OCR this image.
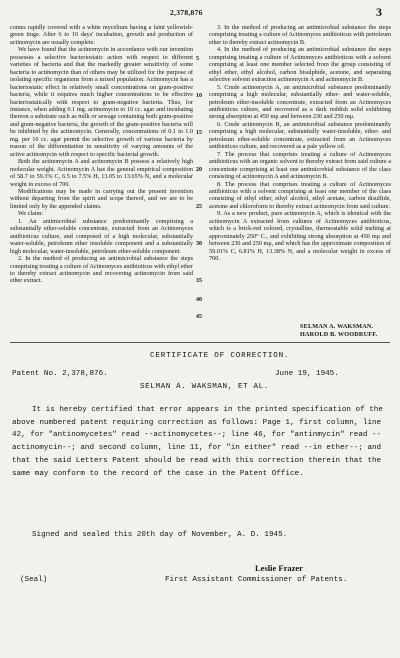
2,378,876	3

comes rapidly covered with a white mycelium having a faint yellowish-green tinge. After 6 to 10 days' incubation, growth and production of actinomycin are usually complete.

We have found that the actinomycin in accordance with our invention possesses a selective bacteriostatic action with respect to different varieties of bacteria and that the markedly greater sensitivity of some bacteria to actinomycin than of others may be utilized for the purpose of isolating specific organisms from a mixed population. Actinomycin has a bacteriostatic effect in relatively small concentrations on gram-positive bacteria, while it requires much higher concentrations to be effective bacteriostatically with respect to gram-negative bacteria. Thus, for instance, when adding 0.1 mg. actinomycin to 10 cc. agar and incubating thereon a substrate such as milk or sewage containing both gram-positive and gram-negative bacteria, the growth of the gram-positive bacteria will be inhibited by the actinomycin. Generally, concentrations of 0.1 to 1.0 mg. per 10 cc. agar permit the selective growth of various bacteria by reason of the differentiation in sensitivity of varying amounts of the active actinomycin with respect to specific bacterial growth.

Both the actinomycin A and actinomycin B possess a relatively high molecular weight. Actinomycin A has the general empirical composition of 58.7 to 59.3% C, 6.5 to 7.5% H, 13.05 to 13.65% N, and a molecular weight in excess of 700.

Modifications may be made in carrying out the present invention without departing from the spirit and scope thereof, and we are to be limited only by the appended claims.

We claim:

1. An antimicrobial substance predominantly comprising a substantially ether-soluble concentrate, extracted from an Actinomyces antibioticus culture, and composed of a high molecular, substantially water-soluble, petroleum ether insoluble component and a substantially high molecular, water-insoluble, petroleum ether-soluble component.

2. In the method of producing an antimicrobial substance the steps comprising treating a culture of Actinomyces antibioticus with ethyl ether to thereby extract actinomycin and recovering actinomycin from said ether extract.

3. In the method of producing an antimicrobial substance the steps comprising treating a culture of Actinomyces antibioticus with petroleum ether to thereby extract actinomycin B.

4. In the method of producing an antimicrobial substance the steps comprising treating a culture of Actinomyces antibioticus with a solvent comprising at least one member selected from the group consisting of ethyl ether, ethyl alcohol, carbon bisulphide, acetone, and separating selective solvent extraction actinomycin A and actinomycin B.

5. Crude actinomycin A, an antimicrobial substance predominantly comprising a high molecular, substantially ether- and water-soluble, petroleum ether-insoluble concentrate, extracted from an Actinomyces antibioticus culture, and recovered as a dark reddish solid exhibiting strong absorption at 450 mμ and between 230 and 250 mμ.

6. Crude actinomycin B, an antimicrobial substance predominantly comprising a high molecular, substantially water-insoluble, ether- and petroleum ether-soluble concentrate, extracted from an Actinomyces antibioticus culture, and recovered as a pale yellow oil.

7. The process that comprises treating a culture of Actinomyces antibioticus with an organic solvent to thereby extract from said culture a concentrate comprising at least one antimicrobial substance of the class consisting of actinomycin A and actinomycin B.

8. The process that comprises treating a culture of Actinomyces antibioticus with a solvent comprising at least one member of the class consisting of ethyl ether, ethyl alcohol, ethyl acetate, carbon disulfide, acetone and chloroform to thereby extract actinomycin from said culture.

9. As a new product, pure actinomycin A, which is identical with the actinomycin A extracted from cultures of Actinomyces antibioticus, which is a brick-red colored, crystalline, thermostable solid melting at approximately 250° C., and exhibiting strong absorption at 450 mμ and between 230 and 250 mμ, and which has the approximate composition of 59.01% C, 6.81% H, 13.38% N, and a molecular weight in excess of 700.

5
10
15
20
25
30
35
40
45
SELMAN A. WAKSMAN.
HAROLD B. WOODRUFF.
CERTIFICATE OF CORRECTION.
Patent No. 2,378,876.	June 19, 1945.
SELMAN A. WAKSMAN, ET AL.
It is hereby certified that error appears in the printed specification of the above numbered patent requiring correction as follows: Page 1, first column, line 42, for "antinomycetes" read --actinomycetes--; line 46, for "antinmycin" read --actinomycin--; and second column, line 11, for "in either" read --in ether--; and that the said Letters Patent should be read with this correction therein that the same may conform to the record of the case in the Patent Office.
Signed and sealed this 20th day of November, A. D. 1945.
Leslie Frazer
(Seal)	First Assistant Commissioner of Patents.
